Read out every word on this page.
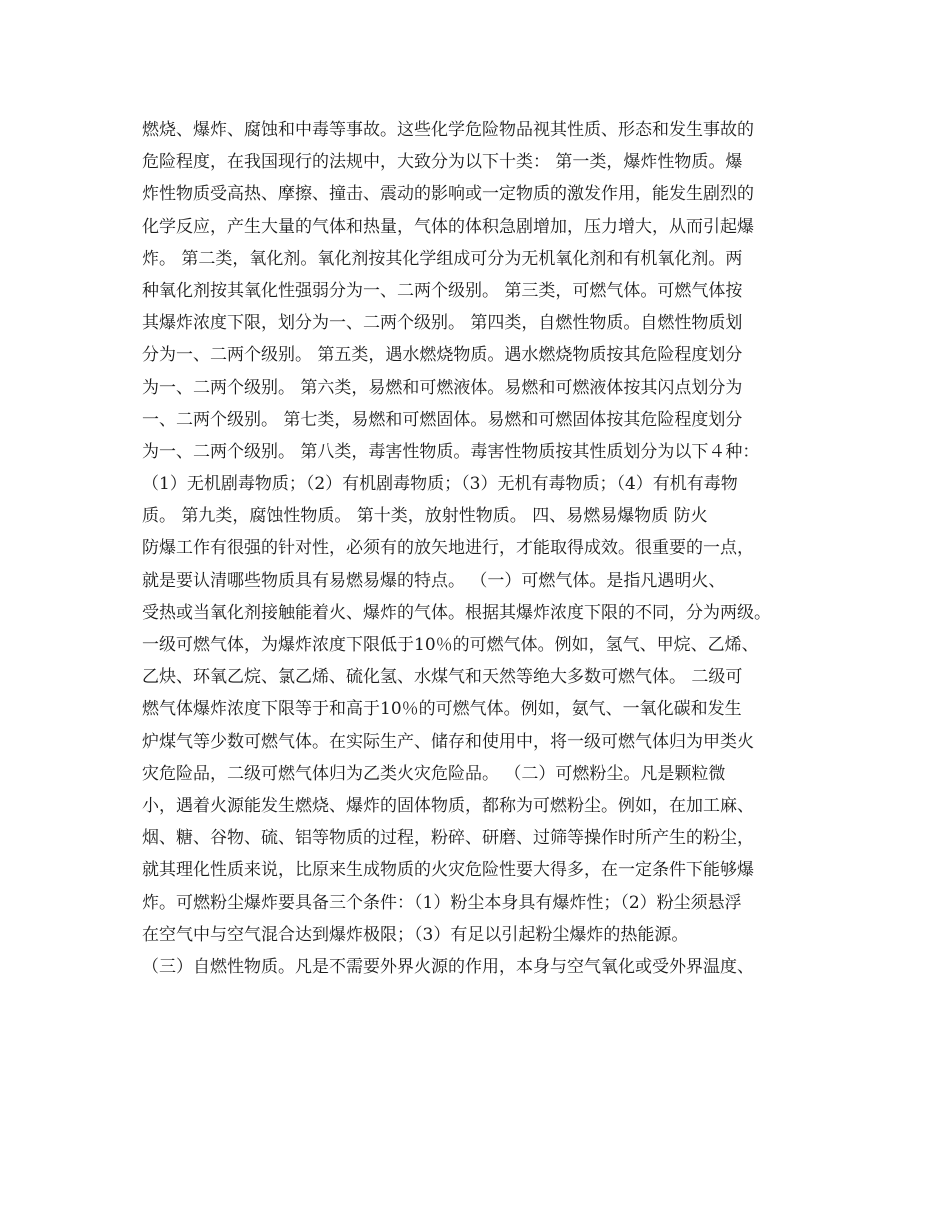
燃烧、爆炸、腐蚀和中毒等事故。这些化学危险物品视其性质、形态和发生事故的
危险程度，在我国现行的法规中，大致分为以下十类： 第一类，爆炸性物质。爆
炸性物质受高热、摩擦、撞击、震动的影响或一定物质的激发作用，能发生剧烈的
化学反应，产生大量的气体和热量，气体的体积急剧增加，压力增大，从而引起爆
炸。 第二类，氧化剂。氧化剂按其化学组成可分为无机氧化剂和有机氧化剂。两
种氧化剂按其氧化性强弱分为一、二两个级别。 第三类，可燃气体。可燃气体按
其爆炸浓度下限，划分为一、二两个级别。 第四类，自燃性物质。自燃性物质划
分为一、二两个级别。 第五类，遇水燃烧物质。遇水燃烧物质按其危险程度划分
为一、二两个级别。 第六类，易燃和可燃液体。易燃和可燃液体按其闪点划分为
一、二两个级别。 第七类，易燃和可燃固体。易燃和可燃固体按其危险程度划分
为一、二两个级别。 第八类，毒害性物质。毒害性物质按其性质划分为以下４种：
（1）无机剧毒物质；（2）有机剧毒物质；（3）无机有毒物质；（4）有机有毒物
质。 第九类，腐蚀性物质。 第十类，放射性物质。 四、易燃易爆物质 防火
防爆工作有很强的针对性，必须有的放矢地进行，才能取得成效。很重要的一点，
就是要认清哪些物质具有易燃易爆的特点。 （一）可燃气体。是指凡遇明火、
受热或当氧化剂接触能着火、爆炸的气体。根据其爆炸浓度下限的不同，分为两级。
一级可燃气体，为爆炸浓度下限低于10％的可燃气体。例如，氢气、甲烷、乙烯、
乙炔、环氧乙烷、氯乙烯、硫化氢、水煤气和天然等绝大多数可燃气体。 二级可
燃气体爆炸浓度下限等于和高于10％的可燃气体。例如，氨气、一氧化碳和发生
炉煤气等少数可燃气体。在实际生产、储存和使用中，将一级可燃气体归为甲类火
灾危险品，二级可燃气体归为乙类火灾危险品。 （二）可燃粉尘。凡是颗粒微
小，遇着火源能发生燃烧、爆炸的固体物质，都称为可燃粉尘。例如，在加工麻、
烟、糖、谷物、硫、铝等物质的过程，粉碎、研磨、过筛等操作时所产生的粉尘，
就其理化性质来说，比原来生成物质的火灾危险性要大得多，在一定条件下能够爆
炸。可燃粉尘爆炸要具备三个条件：（1）粉尘本身具有爆炸性；（2）粉尘须悬浮
在空气中与空气混合达到爆炸极限；（3）有足以引起粉尘爆炸的热能源。
（三）自燃性物质。凡是不需要外界火源的作用，本身与空气氧化或受外界温度、
